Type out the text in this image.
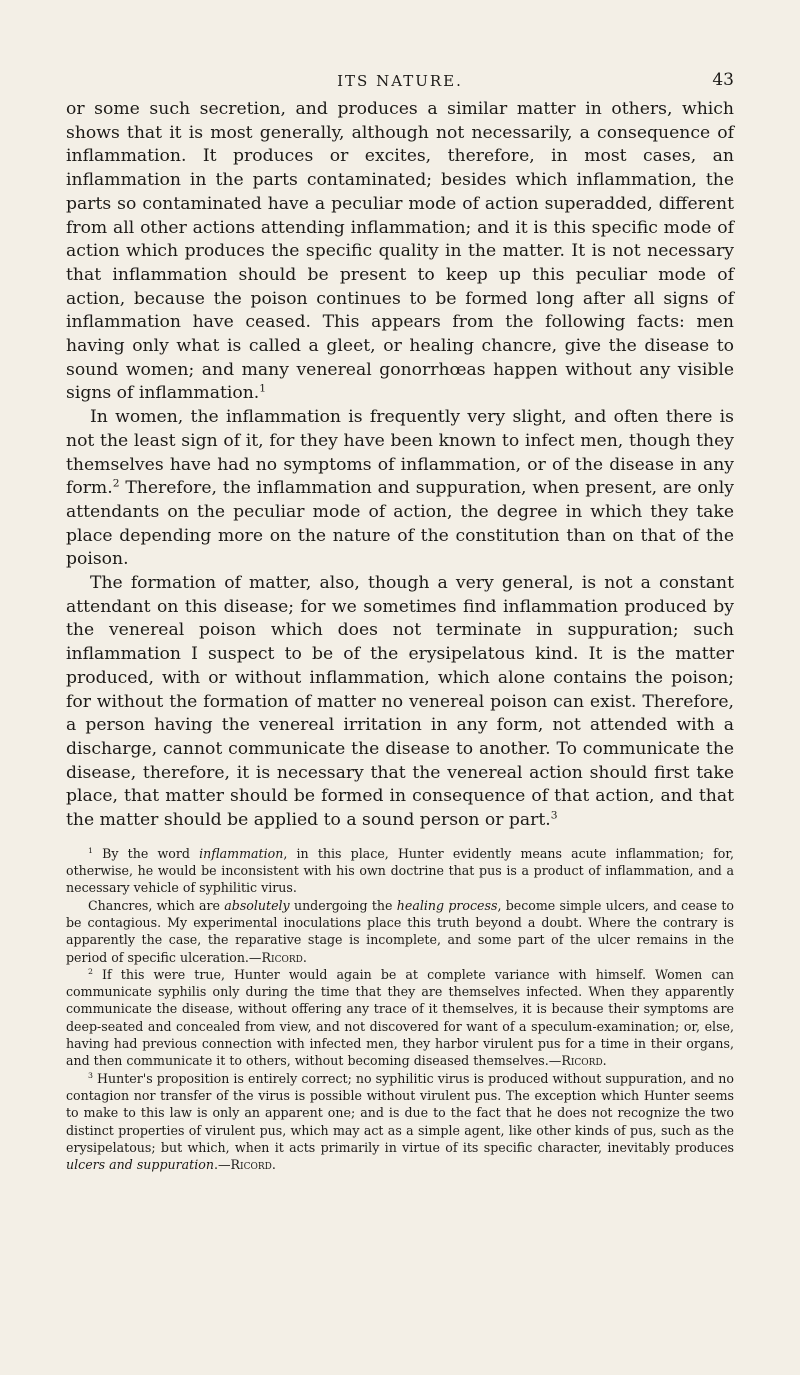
ITS NATURE.	43

or some such secretion, and produces a similar matter in others, which shows that it is most generally, although not necessarily, a consequence of inflammation. It produces or excites, therefore, in most cases, an inflammation in the parts contaminated; besides which inflammation, the parts so contaminated have a peculiar mode of action superadded, different from all other actions attending inflammation; and it is this specific mode of action which produces the specific quality in the matter. It is not necessary that inflammation should be present to keep up this peculiar mode of action, because the poison continues to be formed long after all signs of inflammation have ceased. This appears from the following facts: men having only what is called a gleet, or healing chancre, give the disease to sound women; and many venereal gonorrhœas happen without any visible signs of inflammation.$^1$

In women, the inflammation is frequently very slight, and often there is not the least sign of it, for they have been known to infect men, though they themselves have had no symptoms of inflammation, or of the disease in any form.$^2$ Therefore, the inflammation and suppuration, when present, are only attendants on the peculiar mode of action, the degree in which they take place depending more on the nature of the constitution than on that of the poison.

The formation of matter, also, though a very general, is not a constant attendant on this disease; for we sometimes find inflammation produced by the venereal poison which does not terminate in suppuration; such inflammation I suspect to be of the erysipelatous kind. It is the matter produced, with or without inflammation, which alone contains the poison; for without the formation of matter no venereal poison can exist. Therefore, a person having the venereal irritation in any form, not attended with a discharge, cannot communicate the disease to another. To communicate the disease, therefore, it is necessary that the venereal action should first take place, that matter should be formed in consequence of that action, and that the matter should be applied to a sound person or part.$^3$

$^1$ By the word inflammation, in this place, Hunter evidently means acute inflammation; for, otherwise, he would be inconsistent with his own doctrine that pus is a product of inflammation, and a necessary vehicle of syphilitic virus.

Chancres, which are absolutely undergoing the healing process, become simple ulcers, and cease to be contagious. My experimental inoculations place this truth beyond a doubt. Where the contrary is apparently the case, the reparative stage is incomplete, and some part of the ulcer remains in the period of specific ulceration.—Ricord.

$^2$ If this were true, Hunter would again be at complete variance with himself. Women can communicate syphilis only during the time that they are themselves infected. When they apparently communicate the disease, without offering any trace of it themselves, it is because their symptoms are deep-seated and concealed from view, and not discovered for want of a speculum-examination; or, else, having had previous connection with infected men, they harbor virulent pus for a time in their organs, and then communicate it to others, without becoming diseased themselves.—Ricord.

$^3$ Hunter's proposition is entirely correct; no syphilitic virus is produced without suppuration, and no contagion nor transfer of the virus is possible without virulent pus. The exception which Hunter seems to make to this law is only an apparent one; and is due to the fact that he does not recognize the two distinct properties of virulent pus, which may act as a simple agent, like other kinds of pus, such as the erysipelatous; but which, when it acts primarily in virtue of its specific character, inevitably produces ulcers and suppuration.—Ricord.
